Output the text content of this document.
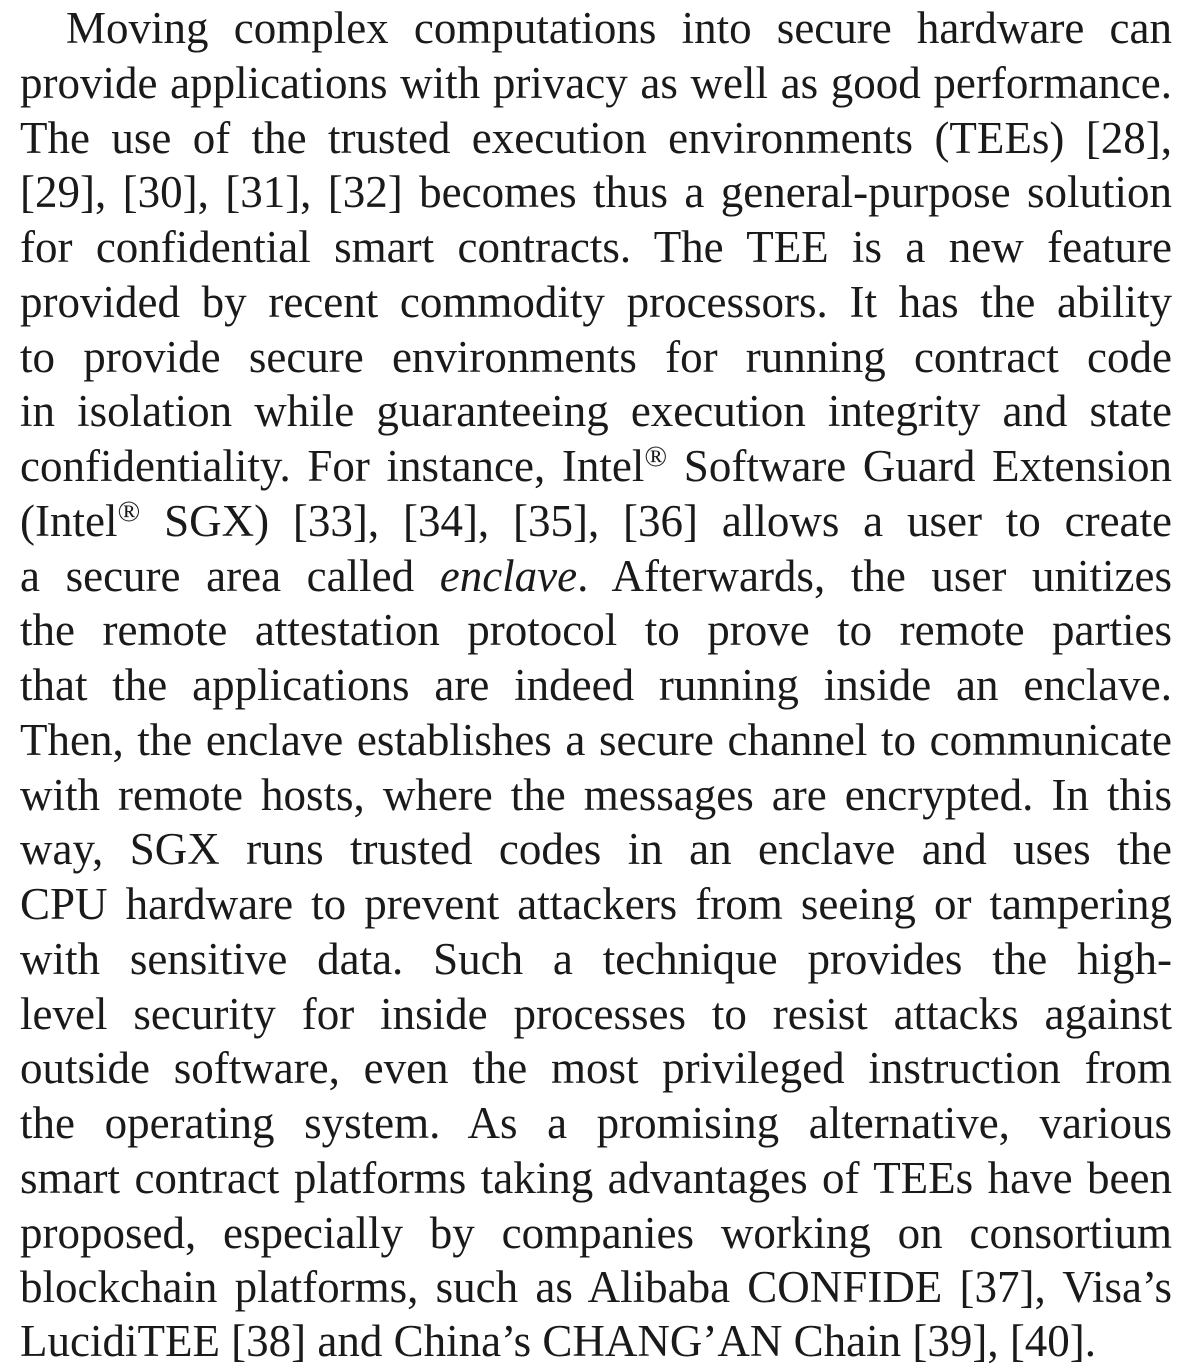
Moving complex computations into secure hardware can
provide applications with privacy as well as good performance.
The use of the trusted execution environments (TEEs) [28],
[29], [30], [31], [32] becomes thus a general-purpose solution
for confidential smart contracts. The TEE is a new feature
provided by recent commodity processors. It has the ability
to provide secure environments for running contract code
in isolation while guaranteeing execution integrity and state
confidentiality. For instance, Intel® Software Guard Extension
(Intel® SGX) [33], [34], [35], [36] allows a user to create
a secure area called enclave. Afterwards, the user unitizes
the remote attestation protocol to prove to remote parties
that the applications are indeed running inside an enclave.
Then, the enclave establishes a secure channel to communicate
with remote hosts, where the messages are encrypted. In this
way, SGX runs trusted codes in an enclave and uses the
CPU hardware to prevent attackers from seeing or tampering
with sensitive data. Such a technique provides the high-
level security for inside processes to resist attacks against
outside software, even the most privileged instruction from
the operating system. As a promising alternative, various
smart contract platforms taking advantages of TEEs have been
proposed, especially by companies working on consortium
blockchain platforms, such as Alibaba CONFIDE [37], Visa’s
LucidiTEE [38] and China’s CHANG’AN Chain [39], [40].
